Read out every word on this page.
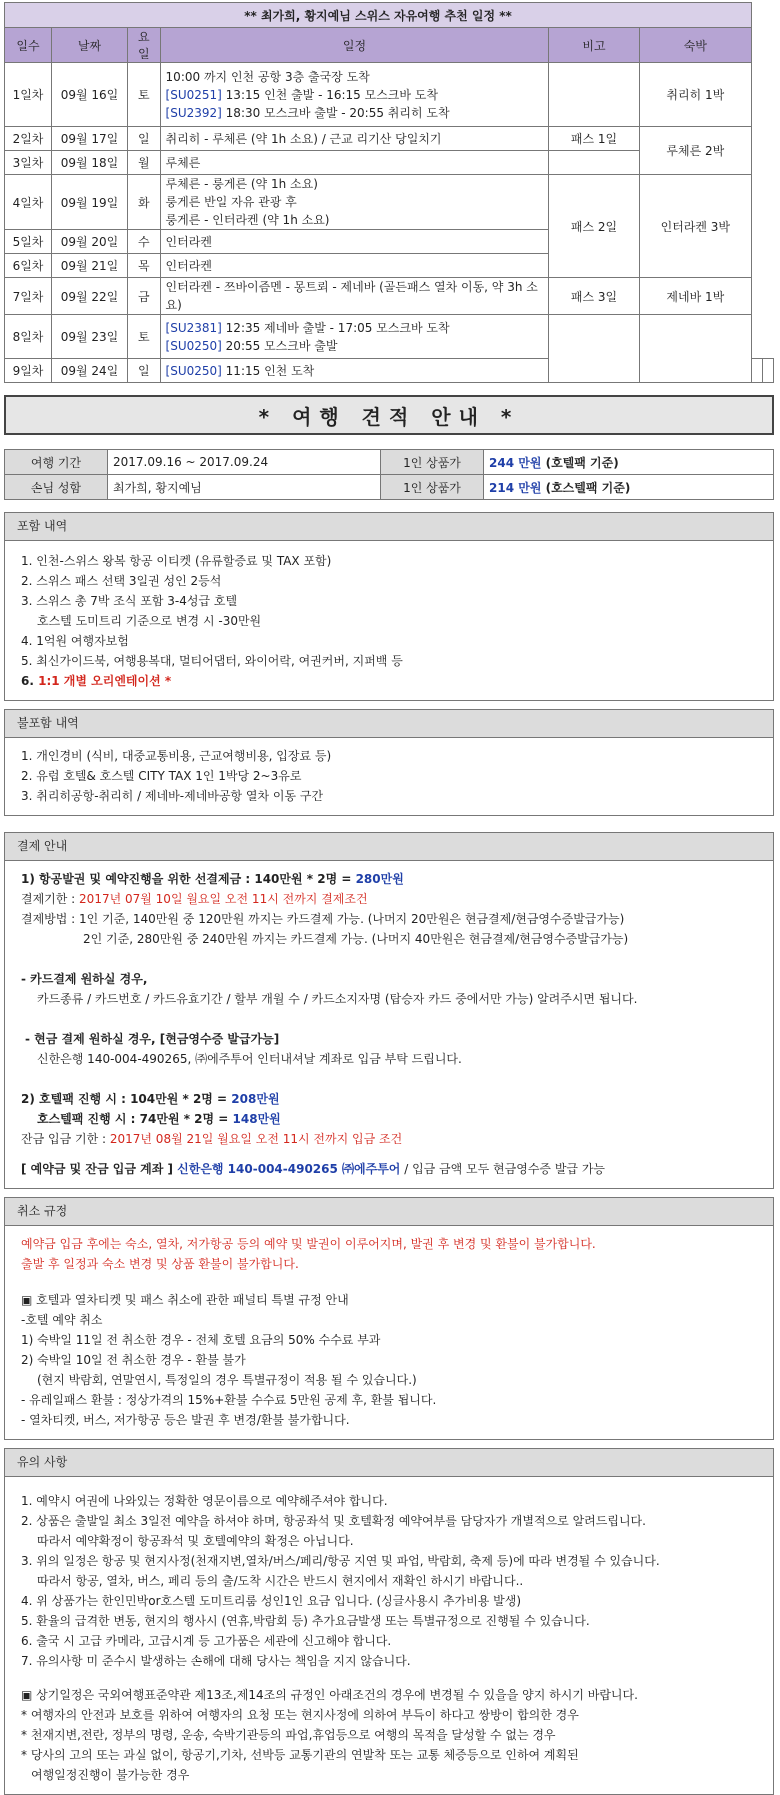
** 최가희, 황지예님 스위스 자유여행 추천 일정 **							
일수	날짜	요일	일정	비고	숙박		
1일차	09월 16일	토	10:00 까지 인천 공항 3층 출국장 도착
[SU0251] 13:15 인천 출발 - 16:15 모스크바 도착
[SU2392] 18:30 모스크바 출발 - 20:55 취리히 도착		취리히 1박		
2일차	09월 17일	일	취리히 - 루체른 (약 1h 소요) / 근교 리기산 당일치기	패스 1일	루체른 2박		
3일차	09월 18일	월	루체른				

4일차	09월 19일	화	루체른 - 룽게른 (약 1h 소요)
룽게른 반일 자유 관광 후
룽게른 - 인터라켄 (약 1h 소요)	패스 2일	인터라켄 3박		
5일차	09월 20일	수	인터라켄				

6일차	09월 21일	목	인터라켄				

7일차	09월 22일	금	인터라켄 - 쯔바이즘멘 - 몽트뢰 - 제네바 (골든패스 열차 이동, 약 3h 소요)	패스 3일	제네바 1박		
8일차	09월 23일	토	[SU2381] 12:35 제네바 출발 - 17:05 모스크바 도착
[SU0250] 20:55 모스크바 출발				

9일차	09월 24일	일	[SU0250] 11:15 인천 도착				

* 여행 견적 안내 *
여행 기간	2017.09.16 ~ 2017.09.24	1인 상품가	244 만원 (호텔팩 기준)
손님 성함	최가희, 황지예님	1인 상품가	214 만원 (호스텔팩 기준)
포함 내역
1. 인천-스위스 왕복 항공 이티켓 (유류할증료 및 TAX 포함)
2. 스위스 패스 선택 3일권 성인 2등석
3. 스위스 총 7박 조식 포함 3-4성급 호텔
호스텔 도미트리 기준으로 변경 시 -30만원
4. 1억원 여행자보험
5. 최신가이드북, 여행용복대, 멀티어댑터, 와이어락, 여권커버, 지퍼백 등
6. 1:1 개별 오리엔테이션 *
불포함 내역
1. 개인경비 (식비, 대중교통비용, 근교여행비용, 입장료 등)
2. 유럽 호텔& 호스텔 CITY TAX 1인 1박당 2~3유로
3. 취리히공항-취리히 / 제네바-제네바공항 열차 이동 구간
결제 안내
1) 항공발권 및 예약진행을 위한 선결제금 : 140만원 * 2명 = 280만원
결제기한 : 2017년 07월 10일 월요일 오전 11시 전까지 결제조건
결제방법 : 1인 기준, 140만원 중 120만원 까지는 카드결제 가능. (나머지 20만원은 현금결제/현금영수증발급가능)
2인 기준, 280만원 중 240만원 까지는 카드결제 가능. (나머지 40만원은 현금결제/현금영수증발급가능)
- 카드결제 원하실 경우,
카드종류 / 카드번호 / 카드유효기간 / 할부 개월 수 / 카드소지자명 (탑승자 카드 중에서만 가능) 알려주시면 됩니다.
- 현금 결제 원하실 경우, [현금영수증 발급가능]
신한은행 140-004-490265, ㈜에주투어 인터내셔날 계좌로 입금 부탁 드립니다.
2) 호텔팩 진행 시 : 104만원 * 2명 = 208만원
호스텔팩 진행 시 : 74만원 * 2명 = 148만원
잔금 입금 기한 : 2017년 08월 21일 월요일 오전 11시 전까지 입금 조건
[ 예약금 및 잔금 입금 계좌 ] 신한은행 140-004-490265 ㈜에주투어 / 입금 금액 모두 현금영수증 발급 가능
취소 규정
예약금 입금 후에는 숙소, 열차, 저가항공 등의 예약 및 발권이 이루어지며, 발권 후 변경 및 환불이 불가합니다.
출발 후 일정과 숙소 변경 및 상품 환불이 불가합니다.
▣ 호텔과 열차티켓 및 패스 취소에 관한 패널티 특별 규정 안내
-호텔 예약 취소
1) 숙박일 11일 전 취소한 경우 - 전체 호텔 요금의 50% 수수료 부과
2) 숙박일 10일 전 취소한 경우 - 환불 불가
(현지 박람회, 연말연시, 특정일의 경우 특별규정이 적용 될 수 있습니다.)
- 유레일패스 환불 : 정상가격의 15%+환불 수수료 5만원 공제 후, 환불 됩니다.
- 열차티켓, 버스, 저가항공 등은 발권 후 변경/환불 불가합니다.
유의 사항
1. 예약시 여권에 나와있는 정확한 영문이름으로 예약해주셔야 합니다.
2. 상품은 출발일 최소 3일전 예약을 하셔야 하며, 항공좌석 및 호텔확정 예약여부를 담당자가 개별적으로 알려드립니다.
따라서 예약확정이 항공좌석 및 호텔예약의 확정은 아닙니다.
3. 위의 일정은 항공 및 현지사정(천재지변,열차/버스/페리/항공 지연 및 파업, 박람회, 축제 등)에 따라 변경될 수 있습니다.
따라서 항공, 열차, 버스, 페리 등의 출/도착 시간은 반드시 현지에서 재확인 하시기 바랍니다..
4. 위 상품가는 한인민박or호스텔 도미트리룸 성인1인 요금 입니다. (싱글사용시 추가비용 발생)
5. 환율의 급격한 변동, 현지의 행사시 (연휴,박람회 등) 추가요금발생 또는 특별규정으로 진행될 수 있습니다.
6. 출국 시 고급 카메라, 고급시계 등 고가품은 세관에 신고해야 합니다.
7. 유의사항 미 준수시 발생하는 손해에 대해 당사는 책임을 지지 않습니다.
▣ 상기일정은 국외여행표준약관 제13조,제14조의 규정인 아래조건의 경우에 변경될 수 있을을 양지 하시기 바랍니다.
* 여행자의 안전과 보호를 위하여 여행자의 요청 또는 현지사정에 의하여 부득이 하다고 쌍방이 합의한 경우
* 천재지변,전란, 정부의 명령, 운송, 숙박기관등의 파업,휴업등으로 여행의 목적을 달성할 수 없는 경우
* 당사의 고의 또는 과실 없이, 항공기,기차, 선박등 교통기관의 연발착 또는 교통 체증등으로 인하여 계획된
여행일정진행이 불가능한 경우
